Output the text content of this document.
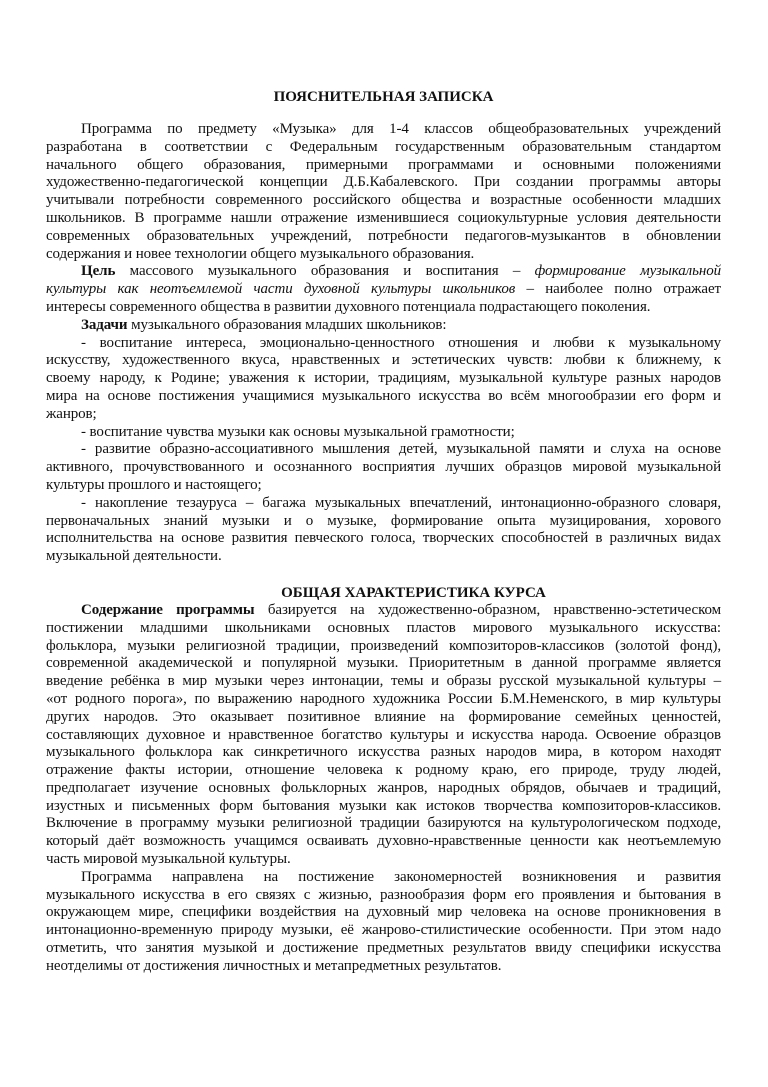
ПОЯСНИТЕЛЬНАЯ ЗАПИСКА
Программа по предмету «Музыка» для 1-4 классов общеобразовательных учреждений
разработана в соответствии с Федеральным государственным образовательным стандартом
начального общего образования, примерными программами и основными положениями
художественно-педагогической концепции Д.Б.Кабалевского. При создании программы авторы
учитывали потребности современного российского общества и возрастные особенности младших
школьников. В программе нашли отражение изменившиеся социокультурные условия деятельности
современных образовательных учреждений, потребности педагогов-музыкантов в обновлении
содержания и новее технологии общего музыкального образования.
Цель массового музыкального образования и воспитания – формирование музыкальной
культуры как неотъемлемой части духовной культуры школьников – наиболее полно отражает
интересы современного общества в развитии духовного потенциала подрастающего поколения.
Задачи музыкального образования младших школьников:
- воспитание интереса, эмоционально-ценностного отношения и любви к музыкальному
искусству, художественного вкуса, нравственных и эстетических чувств: любви к ближнему, к
своему народу, к Родине; уважения к истории, традициям, музыкальной культуре разных народов
мира на основе постижения учащимися музыкального искусства во всём многообразии его форм и
жанров;
- воспитание чувства музыки как основы музыкальной грамотности;
- развитие образно-ассоциативного мышления детей, музыкальной памяти и слуха на основе
активного, прочувствованного и осознанного восприятия лучших образцов мировой музыкальной
культуры прошлого и настоящего;
- накопление тезауруса – багажа музыкальных впечатлений, интонационно-образного словаря,
первоначальных знаний музыки и о музыке, формирование опыта музицирования, хорового
исполнительства на основе развития певческого голоса, творческих способностей в различных видах
музыкальной деятельности.
ОБЩАЯ ХАРАКТЕРИСТИКА КУРСА
Содержание программы базируется на художественно-образном, нравственно-эстетическом
постижении младшими школьниками основных пластов мирового музыкального искусства:
фольклора, музыки религиозной традиции, произведений композиторов-классиков (золотой фонд),
современной академической и популярной музыки. Приоритетным в данной программе является
введение ребёнка в мир музыки через интонации, темы и образы русской музыкальной культуры –
«от родного порога», по выражению народного художника России Б.М.Неменского, в мир культуры
других народов. Это оказывает позитивное влияние на формирование семейных ценностей,
составляющих духовное и нравственное богатство культуры и искусства народа. Освоение образцов
музыкального фольклора как синкретичного искусства разных народов мира, в котором находят
отражение факты истории, отношение человека к родному краю, его природе, труду людей,
предполагает изучение основных фольклорных жанров, народных обрядов, обычаев и традиций,
изустных и письменных форм бытования музыки как истоков творчества композиторов-классиков.
Включение в программу музыки религиозной традиции базируются на культурологическом подходе,
который даёт возможность учащимся осваивать духовно-нравственные ценности как неотъемлемую
часть мировой музыкальной культуры.
Программа направлена на постижение закономерностей возникновения и развития
музыкального искусства в его связях с жизнью, разнообразия форм его проявления и бытования в
окружающем мире, специфики воздействия на духовный мир человека на основе проникновения в
интонационно-временную природу музыки, её жанрово-стилистические особенности. При этом надо
отметить, что занятия музыкой и достижение предметных результатов ввиду специфики искусства
неотделимы от достижения личностных и метапредметных результатов.
